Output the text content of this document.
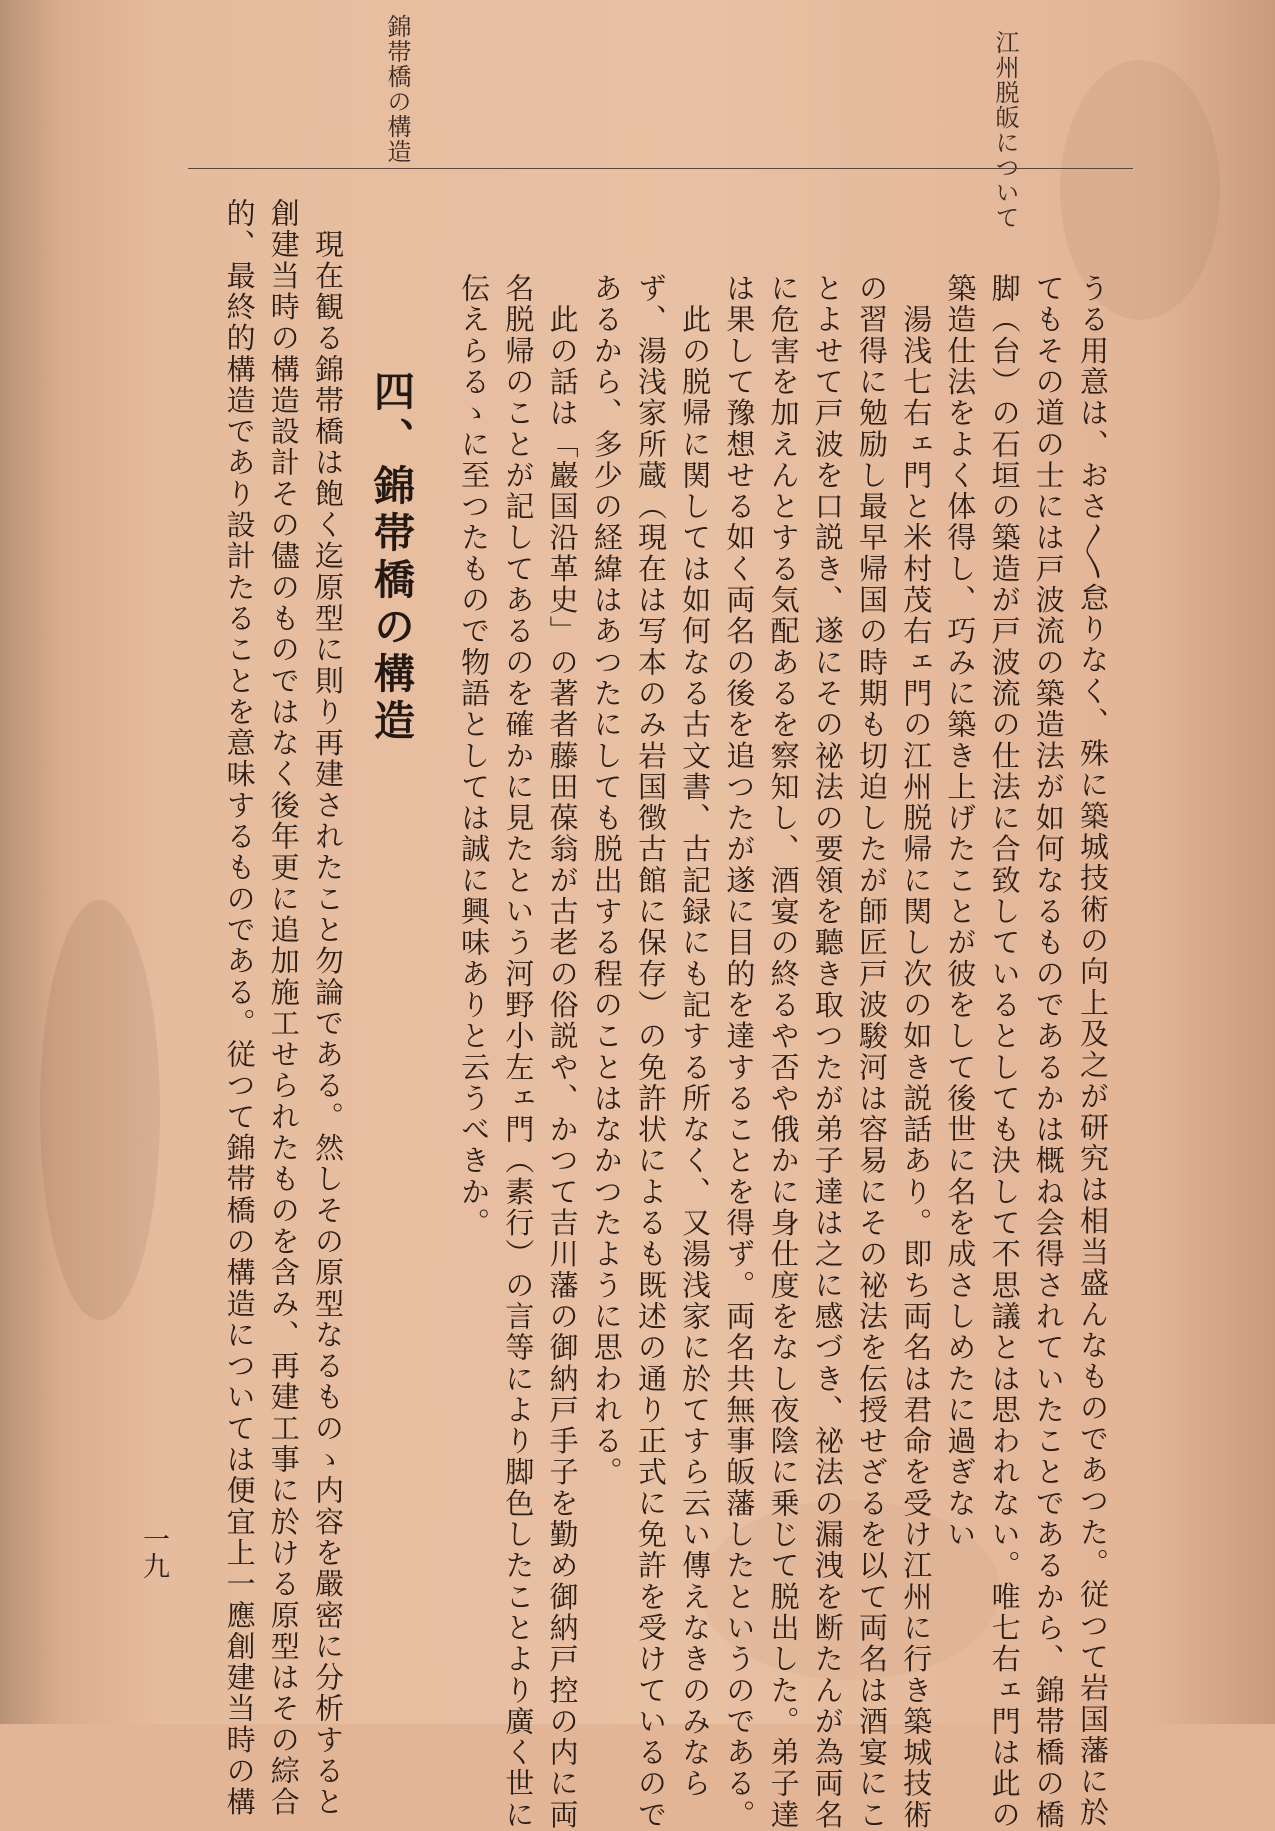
錦帯橋の構造	江州脱皈について

うる用意は、おさ〳〵怠りなく、殊に築城技術の向上及之が研究は相当盛んなものであつた。従つて岩国藩に於

てもその道の士には戸波流の築造法が如何なるものであるかは概ね会得されていたことであるから、錦帯橋の橋

脚（台）の石垣の築造が戸波流の仕法に合致しているとしても決して不思議とは思われない。唯七右ェ門は此の

築造仕法をよく体得し、巧みに築き上げたことが彼をして後世に名を成さしめたに過ぎない

　湯浅七右ェ門と米村茂右ェ門の江州脱帰に関し次の如き説話あり。即ち両名は君命を受け江州に行き築城技術

の習得に勉励し最早帰国の時期も切迫したが師匠戸波駿河は容易にその祕法を伝授せざるを以て両名は酒宴にこ

とよせて戸波を口説き、遂にその祕法の要領を聽き取つたが弟子達は之に感づき、祕法の漏洩を断たんが為両名

に危害を加えんとする気配あるを察知し、酒宴の終るや否や俄かに身仕度をなし夜陰に乗じて脱出した。弟子達

は果して豫想せる如く両名の後を追つたが遂に目的を達することを得ず。両名共無事皈藩したというのである。

　此の脱帰に関しては如何なる古文書、古記録にも記する所なく、又湯浅家に於てすら云い傳えなきのみなら

ず、湯浅家所蔵（現在は写本のみ岩国徴古館に保存）の免許状によるも既述の通り正式に免許を受けているので

あるから、多少の経緯はあつたにしても脱出する程のことはなかつたように思われる。

　此の話は「巖国沿革史」の著者藤田葆翁が古老の俗説や、かつて吉川藩の御納戸手子を勤め御納戸控の内に両

名脱帰のことが記してあるのを確かに見たという河野小左ェ門（素行）の言等により脚色したことより廣く世に

伝えらるゝに至つたもので物語としては誠に興味ありと云うべきか。

四、錦帯橋の構造

　現在観る錦帯橋は飽く迄原型に則り再建されたこと勿論である。然しその原型なるものゝ内容を嚴密に分析すると

創建当時の構造設計その儘のものではなく後年更に追加施工せられたものを含み、再建工事に於ける原型はその綜合

的、最終的構造であり設計たることを意味するものである。従つて錦帯橋の構造については便宜上一應創建当時の構

一九
